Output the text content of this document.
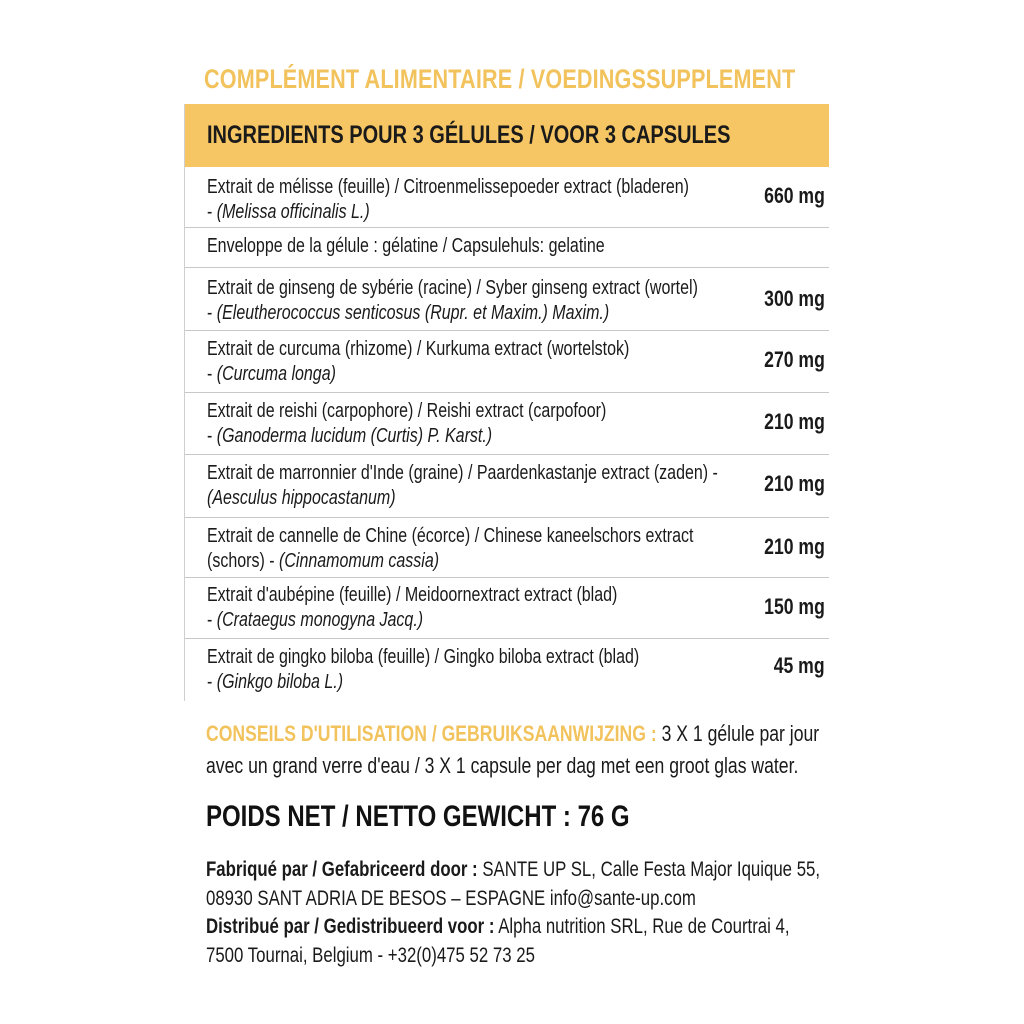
COMPLÉMENT ALIMENTAIRE / VOEDINGSSUPPLEMENT
INGREDIENTS POUR 3 GÉLULES / VOOR 3 CAPSULES
Extrait de mélisse (feuille) / Citroenmelissepoeder extract (bladeren)
- (Melissa officinalis L.)
660 mg
Enveloppe de la gélule : gélatine / Capsulehuls: gelatine
Extrait de ginseng de sybérie (racine) / Syber ginseng extract (wortel)
- (Eleutherococcus senticosus (Rupr. et Maxim.) Maxim.)
300 mg
Extrait de curcuma (rhizome) / Kurkuma extract (wortelstok)
- (Curcuma longa)
270 mg
Extrait de reishi (carpophore) / Reishi extract (carpofoor)
- (Ganoderma lucidum (Curtis) P. Karst.)
210 mg
Extrait de marronnier d'Inde (graine) / Paardenkastanje extract (zaden) -
(Aesculus hippocastanum)
210 mg
Extrait de cannelle de Chine (écorce) / Chinese kaneelschors extract
(schors) - (Cinnamomum cassia)
210 mg
Extrait d'aubépine (feuille) / Meidoornextract extract (blad)
- (Crataegus monogyna Jacq.)
150 mg
Extrait de gingko biloba (feuille) / Gingko biloba extract (blad)
- (Ginkgo biloba L.)
45 mg
CONSEILS D'UTILISATION / GEBRUIKSAANWIJZING : 3 X 1 gélule par jour
avec un grand verre d'eau / 3 X 1 capsule per dag met een groot glas water.
POIDS NET / NETTO GEWICHT : 76 G
Fabriqué par / Gefabriceerd door : SANTE UP SL, Calle Festa Major Iquique 55,
08930 SANT ADRIA DE BESOS – ESPAGNE info@sante-up.com
Distribué par / Gedistribueerd voor : Alpha nutrition SRL, Rue de Courtrai 4,
7500 Tournai, Belgium - +32(0)475 52 73 25
